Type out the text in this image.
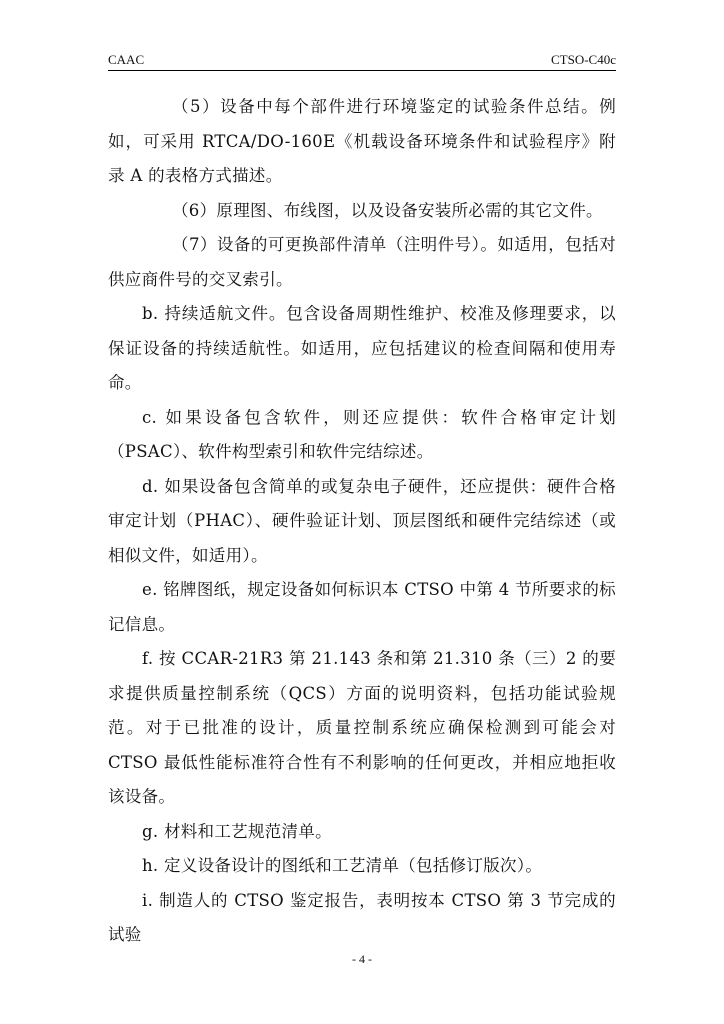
CAAC	CTSO-C40c

（5）设备中每个部件进行环境鉴定的试验条件总结。例如，可采用 RTCA/DO-160E《机载设备环境条件和试验程序》附录 A 的表格方式描述。

（6）原理图、布线图，以及设备安装所必需的其它文件。

（7）设备的可更换部件清单（注明件号）。如适用，包括对供应商件号的交叉索引。

b. 持续适航文件。包含设备周期性维护、校准及修理要求，以保证设备的持续适航性。如适用，应包括建议的检查间隔和使用寿命。

c. 如果设备包含软件，则还应提供：软件合格审定计划（PSAC）、软件构型索引和软件完结综述。

d. 如果设备包含简单的或复杂电子硬件，还应提供：硬件合格审定计划（PHAC）、硬件验证计划、顶层图纸和硬件完结综述（或相似文件，如适用）。

e. 铭牌图纸，规定设备如何标识本 CTSO 中第 4 节所要求的标记信息。

f. 按 CCAR-21R3 第 21.143 条和第 21.310 条（三）2 的要求提供质量控制系统（QCS）方面的说明资料，包括功能试验规范。对于已批准的设计，质量控制系统应确保检测到可能会对 CTSO 最低性能标准符合性有不利影响的任何更改，并相应地拒收该设备。

g. 材料和工艺规范清单。

h. 定义设备设计的图纸和工艺清单（包括修订版次）。

i. 制造人的 CTSO 鉴定报告，表明按本 CTSO 第 3 节完成的试验

- 4 -
